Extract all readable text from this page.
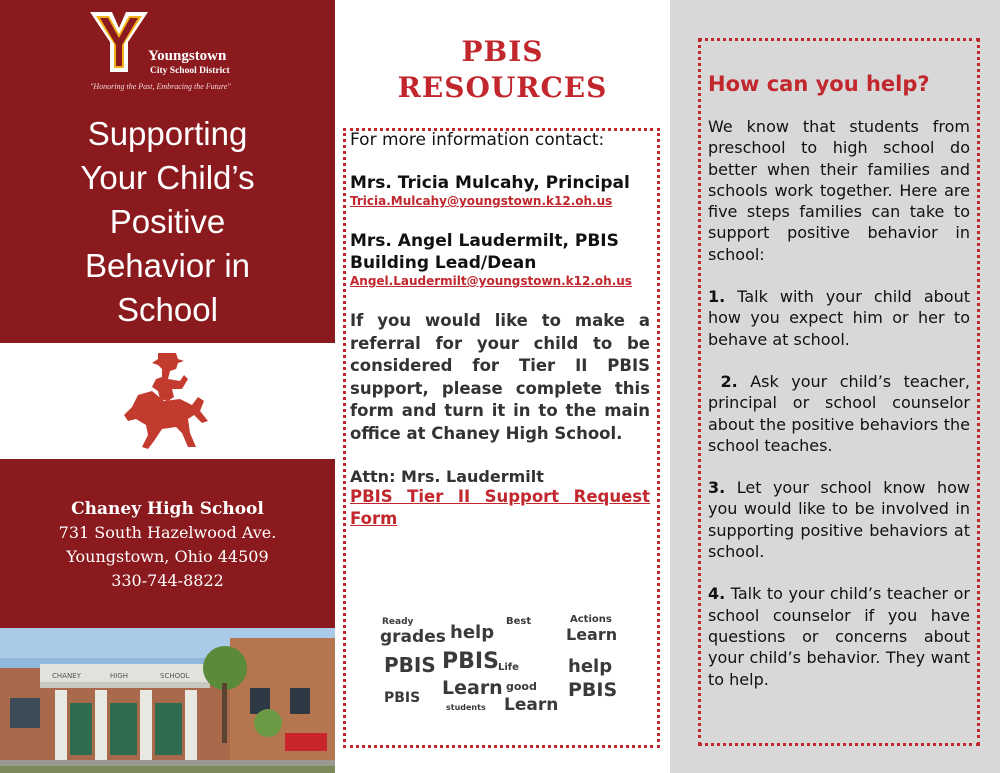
Youngstown
City School District
"Honoring the Past, Embracing the Future"
Supporting
Your Child’s
Positive
Behavior in
School
Chaney High School
731 South Hazelwood Ave.
Youngstown, Ohio 44509
330-744-8822
CHANEY	HIGH	SCHOOL
PBIS
RESOURCES
For more information contact:
Mrs. Tricia Mulcahy, Principal
Tricia.Mulcahy@youngstown.k12.oh.us
Mrs. Angel Laudermilt, PBIS Building Lead/Dean
Angel.Laudermilt@youngstown.k12.oh.us
If you would like to make a referral for your child to be considered for Tier II PBIS support, please complete this form and turn it in to the main office at Chaney High School.
Attn: Mrs. Laudermilt
PBIS Tier II Support Request Form
Ready
grades help
Best	Actions
Learn
PBIS PBIS	help
PBIS
Learn good
Life
students Learn
PBIS
How can you help?

We know that students from preschool to high school do better when their families and schools work together. Here are five steps families can take to support positive behavior in school:

1. Talk with your child about how you expect him or her to behave at school.

2. Ask your child’s teacher, principal or school counselor about the positive behaviors the school teaches.

3. Let your school know how you would like to be involved in supporting positive behaviors at school.

4. Talk to your child’s teacher or school counselor if you have questions or concerns about your child’s behavior. They want to help.
